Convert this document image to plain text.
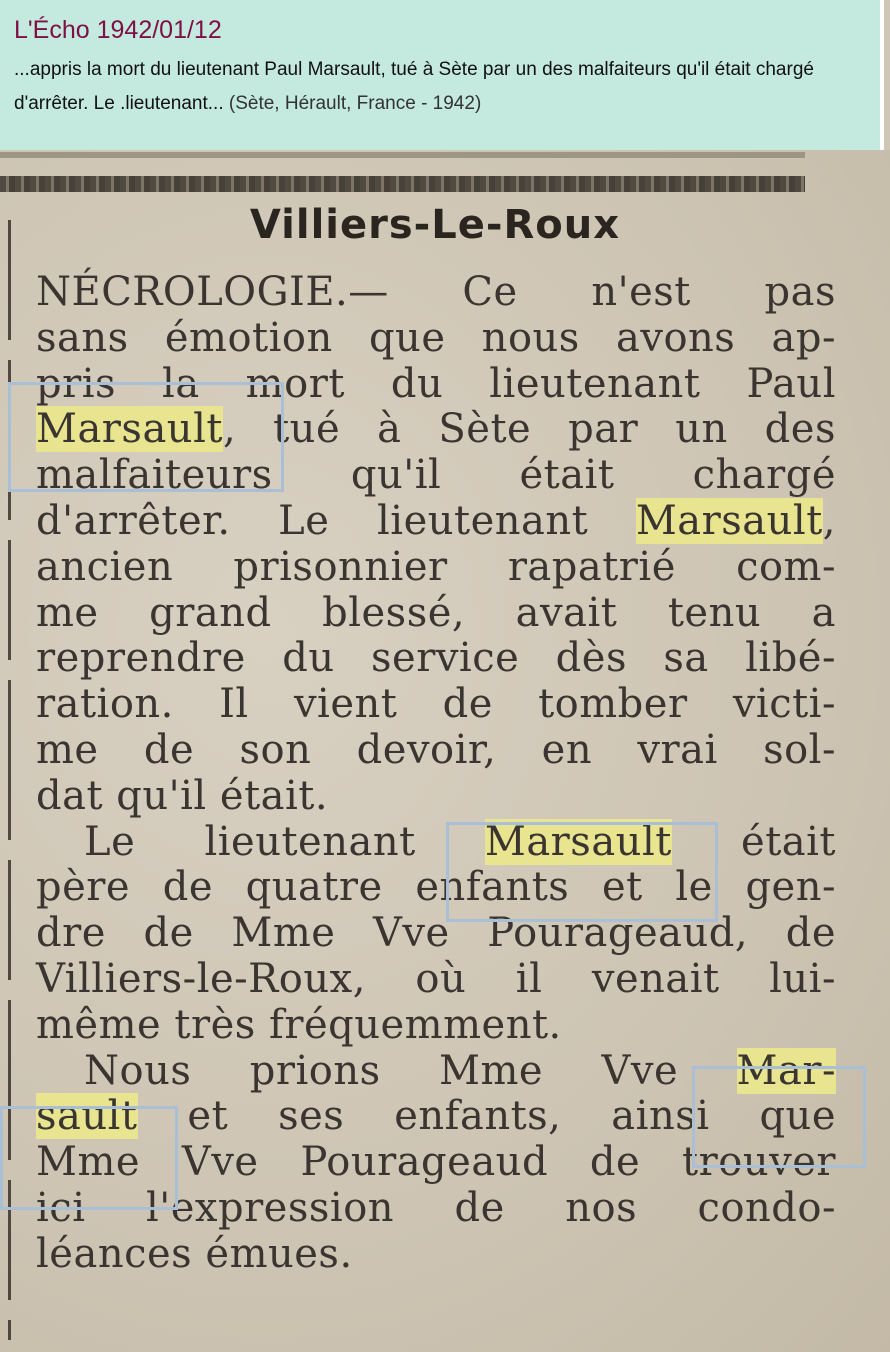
L'Écho 1942/01/12

...appris la mort du lieutenant Paul Marsault, tué à Sète par un des malfaiteurs qu'il était chargé d'arrêter. Le .lieutenant... (Sète, Hérault, France - 1942)

Villiers-Le-Roux
NÉCROLOGIE.— Ce n'est pas
sans émotion que nous avons ap-
pris la mort du lieutenant Paul
Marsault, tué à Sète par un des
malfaiteurs qu'il était chargé
d'arrêter. Le lieutenant Marsault,
ancien prisonnier rapatrié com-
me grand blessé, avait tenu a
reprendre du service dès sa libé-
ration. Il vient de tomber victi-
me de son devoir, en vrai sol-
dat qu'il était.
Le lieutenant Marsault était
père de quatre enfants et le gen-
dre de Mme Vve Pourageaud, de
Villiers-le-Roux, où il venait lui-
même très fréquemment.
Nous prions Mme Vve Mar-
sault et ses enfants, ainsi que
Mme Vve Pourageaud de trouver
ici l'expression de nos condo-
léances émues.
